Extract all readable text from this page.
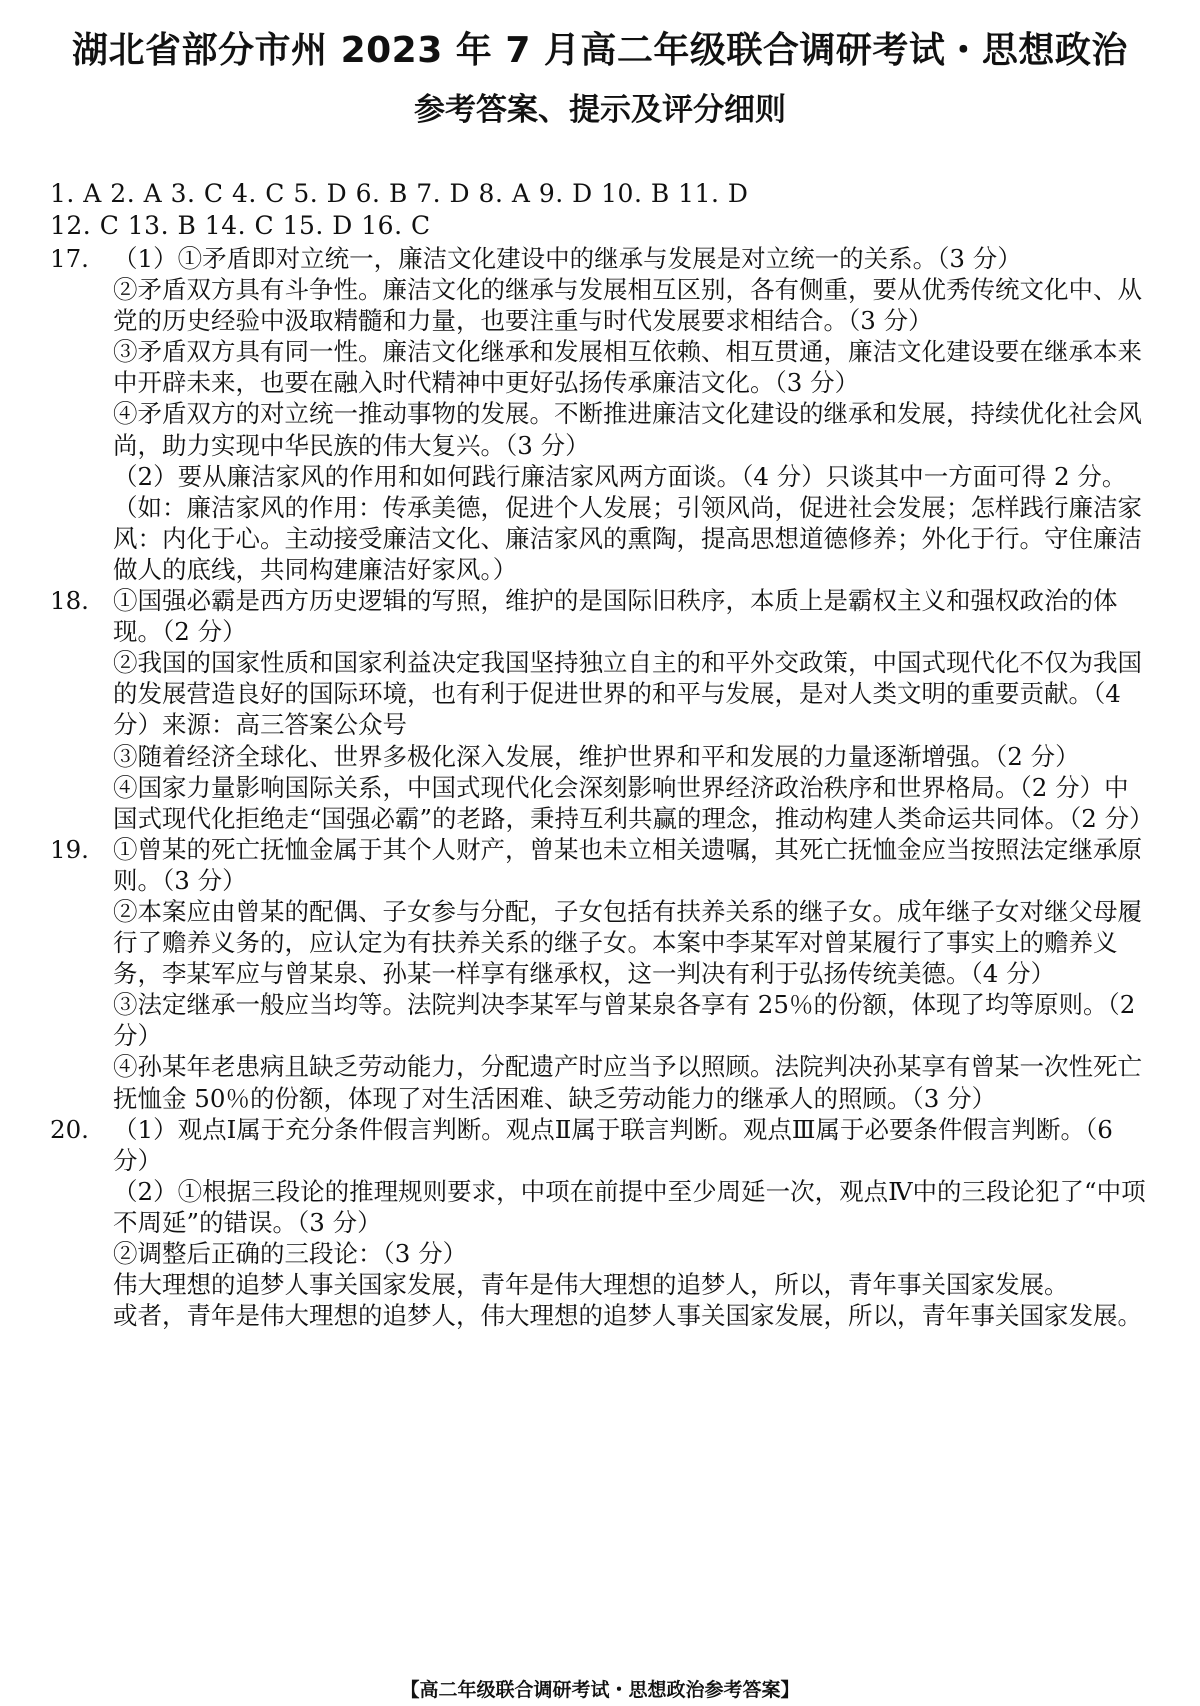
湖北省部分市州 2023 年 7 月高二年级联合调研考试・思想政治
参考答案、提示及评分细则
1. A 2. A 3. C 4. C 5. D 6. B 7. D 8. A 9. D 10. B 11. D
12. C 13. B 14. C 15. D 16. C
17. （1）①矛盾即对立统一，廉洁文化建设中的继承与发展是对立统一的关系。（3 分）
②矛盾双方具有斗争性。廉洁文化的继承与发展相互区别，各有侧重，要从优秀传统文化中、从党的历史经验中汲取精髓和力量，也要注重与时代发展要求相结合。（3 分）
③矛盾双方具有同一性。廉洁文化继承和发展相互依赖、相互贯通，廉洁文化建设要在继承本来中开辟未来，也要在融入时代精神中更好弘扬传承廉洁文化。（3 分）
④矛盾双方的对立统一推动事物的发展。不断推进廉洁文化建设的继承和发展，持续优化社会风尚，助力实现中华民族的伟大复兴。（3 分）
（2）要从廉洁家风的作用和如何践行廉洁家风两方面谈。（4 分）只谈其中一方面可得 2 分。
（如：廉洁家风的作用：传承美德，促进个人发展；引领风尚，促进社会发展；怎样践行廉洁家风：内化于心。主动接受廉洁文化、廉洁家风的熏陶，提高思想道德修养；外化于行。守住廉洁做人的底线，共同构建廉洁好家风。）
18. ①国强必霸是西方历史逻辑的写照，维护的是国际旧秩序，本质上是霸权主义和强权政治的体现。（2 分）
②我国的国家性质和国家利益决定我国坚持独立自主的和平外交政策，中国式现代化不仅为我国的发展营造良好的国际环境，也有利于促进世界的和平与发展，是对人类文明的重要贡献。（4 分）来源：高三答案公众号
③随着经济全球化、世界多极化深入发展，维护世界和平和发展的力量逐渐增强。（2 分）
④国家力量影响国际关系，中国式现代化会深刻影响世界经济政治秩序和世界格局。（2 分）中国式现代化拒绝走“国强必霸”的老路，秉持互利共赢的理念，推动构建人类命运共同体。（2 分）
19. ①曾某的死亡抚恤金属于其个人财产，曾某也未立相关遗嘱，其死亡抚恤金应当按照法定继承原则。（3 分）
②本案应由曾某的配偶、子女参与分配，子女包括有扶养关系的继子女。成年继子女对继父母履行了赡养义务的，应认定为有扶养关系的继子女。本案中李某军对曾某履行了事实上的赡养义务，李某军应与曾某泉、孙某一样享有继承权，这一判决有利于弘扬传统美德。（4 分）
③法定继承一般应当均等。法院判决李某军与曾某泉各享有 25％的份额，体现了均等原则。（2 分）
④孙某年老患病且缺乏劳动能力，分配遗产时应当予以照顾。法院判决孙某享有曾某一次性死亡抚恤金 50％的份额，体现了对生活困难、缺乏劳动能力的继承人的照顾。（3 分）
20. （1）观点Ⅰ属于充分条件假言判断。观点Ⅱ属于联言判断。观点Ⅲ属于必要条件假言判断。（6 分）
（2）①根据三段论的推理规则要求，中项在前提中至少周延一次，观点Ⅳ中的三段论犯了“中项不周延”的错误。（3 分）
②调整后正确的三段论：（3 分）
伟大理想的追梦人事关国家发展，青年是伟大理想的追梦人，所以，青年事关国家发展。
或者，青年是伟大理想的追梦人，伟大理想的追梦人事关国家发展，所以，青年事关国家发展。
【高二年级联合调研考试・思想政治参考答案】
